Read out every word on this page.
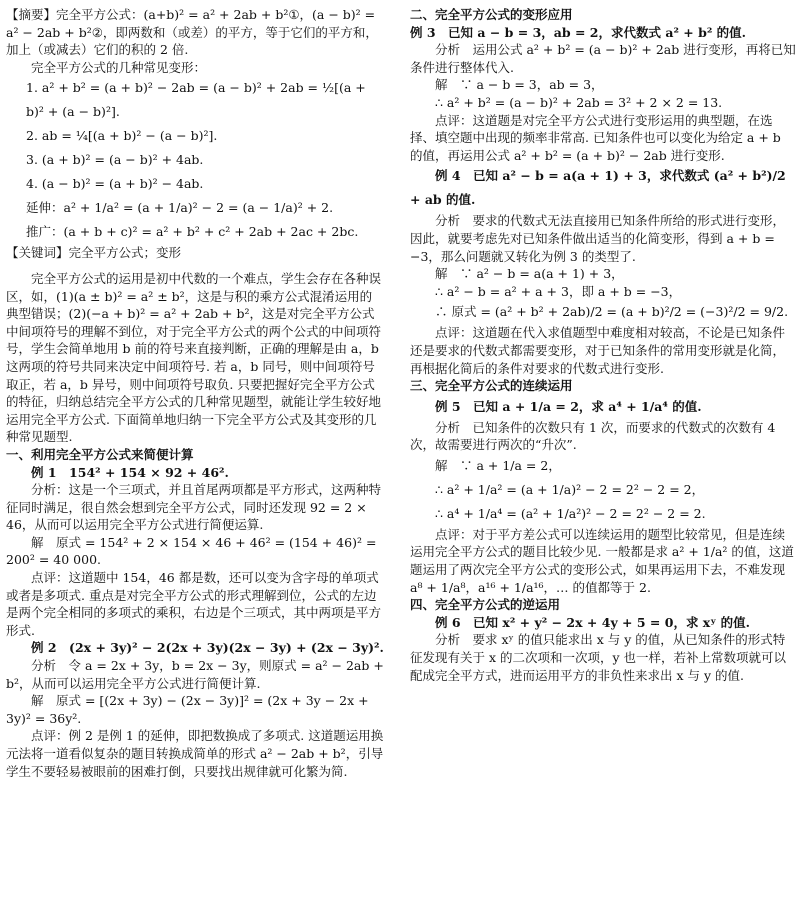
【摘要】完全平方公式：(a+b)² = a² + 2ab + b²①，(a − b)² = a² − 2ab + b²②，即两数和（或差）的平方，等于它们的平方和，加上（或减去）它们的积的 2 倍.

完全平方公式的几种常见变形：

1. a² + b² = (a + b)² − 2ab = (a − b)² + 2ab = ½[(a + b)² + (a − b)²].

2. ab = ¼[(a + b)² − (a − b)²].

3. (a + b)² = (a − b)² + 4ab.

4. (a − b)² = (a + b)² − 4ab.

延伸：a² + 1/a² = (a + 1/a)² − 2 = (a − 1/a)² + 2.

推广：(a + b + c)² = a² + b² + c² + 2ab + 2ac + 2bc.

【关键词】完全平方公式；变形

完全平方公式的运用是初中代数的一个难点，学生会存在各种误区，如，(1)(a ± b)² = a² ± b²，这是与积的乘方公式混淆运用的典型错误；(2)(−a + b)² = a² + 2ab + b²，这是对完全平方公式中间项符号的理解不到位，对于完全平方公式的两个公式的中间项符号，学生会简单地用 b 前的符号来直接判断，正确的理解是由 a，b 这两项的符号共同来决定中间项符号. 若 a，b 同号，则中间项符号取正，若 a，b 异号，则中间项符号取负. 只要把握好完全平方公式的特征，归纳总结完全平方公式的几种常见题型，就能让学生较好地运用完全平方公式. 下面简单地归纳一下完全平方公式及其变形的几种常见题型.

一、利用完全平方公式来简便计算

例 1　154² + 154 × 92 + 46².

分析：这是一个三项式，并且首尾两项都是平方形式，这两种特征同时满足，很自然会想到完全平方公式，同时还发现 92 = 2 × 46，从而可以运用完全平方公式进行简便运算.

解　原式 = 154² + 2 × 154 × 46 + 46² = (154 + 46)² = 200² = 40 000.

点评：这道题中 154，46 都是数，还可以变为含字母的单项式或者是多项式. 重点是对完全平方公式的形式理解到位，公式的左边是两个完全相同的多项式的乘积，右边是个三项式，其中两项是平方形式.

例 2　(2x + 3y)² − 2(2x + 3y)(2x − 3y) + (2x − 3y)².

分析　令 a = 2x + 3y，b = 2x − 3y，则原式 = a² − 2ab + b²，从而可以运用完全平方公式进行简便计算.

解　原式 = [(2x + 3y) − (2x − 3y)]² = (2x + 3y − 2x + 3y)² = 36y².

点评：例 2 是例 1 的延伸，即把数换成了多项式. 这道题运用换元法将一道看似复杂的题目转换成简单的形式 a² − 2ab + b²，引导学生不要轻易被眼前的困难打倒，只要找出规律就可化繁为简.

二、完全平方公式的变形应用

例 3　已知 a − b = 3，ab = 2，求代数式 a² + b² 的值.

分析　运用公式 a² + b² = (a − b)² + 2ab 进行变形，再将已知条件进行整体代入.

解　∵ a − b = 3，ab = 3，

∴ a² + b² = (a − b)² + 2ab = 3² + 2 × 2 = 13.

点评：这道题是对完全平方公式进行变形运用的典型题，在选择、填空题中出现的频率非常高. 已知条件也可以变化为给定 a + b 的值，再运用公式 a² + b² = (a + b)² − 2ab 进行变形.

例 4　已知 a² − b = a(a + 1) + 3，求代数式 (a² + b²)/2 + ab 的值.

分析　要求的代数式无法直接用已知条件所给的形式进行变形，因此，就要考虑先对已知条件做出适当的化简变形，得到 a + b = −3，那么问题就又转化为例 3 的类型了.

解　∵ a² − b = a(a + 1) + 3，

∴ a² − b = a² + a + 3，即 a + b = −3，

∴ 原式 = (a² + b² + 2ab)/2 = (a + b)²/2 = (−3)²/2 = 9/2.

点评：这道题在代入求值题型中难度相对较高，不论是已知条件还是要求的代数式都需要变形，对于已知条件的常用变形就是化简，再根据化简后的条件对要求的代数式进行变形.

三、完全平方公式的连续运用

例 5　已知 a + 1/a = 2，求 a⁴ + 1/a⁴ 的值.

分析　已知条件的次数只有 1 次，而要求的代数式的次数有 4 次，故需要进行两次的“升次”.

解　∵ a + 1/a = 2，

∴ a² + 1/a² = (a + 1/a)² − 2 = 2² − 2 = 2，

∴ a⁴ + 1/a⁴ = (a² + 1/a²)² − 2 = 2² − 2 = 2.

点评：对于平方差公式可以连续运用的题型比较常见，但是连续运用完全平方公式的题目比较少见. 一般都是求 a² + 1/a² 的值，这道题运用了两次完全平方公式的变形公式，如果再运用下去，不难发现 a⁸ + 1/a⁸，a¹⁶ + 1/a¹⁶，… 的值都等于 2.

四、完全平方公式的逆运用

例 6　已知 x² + y² − 2x + 4y + 5 = 0，求 xʸ 的值.

分析　要求 xʸ 的值只能求出 x 与 y 的值，从已知条件的形式特征发现有关于 x 的二次项和一次项，y 也一样，若补上常数项就可以配成完全平方式，进而运用平方的非负性来求出 x 与 y 的值.
